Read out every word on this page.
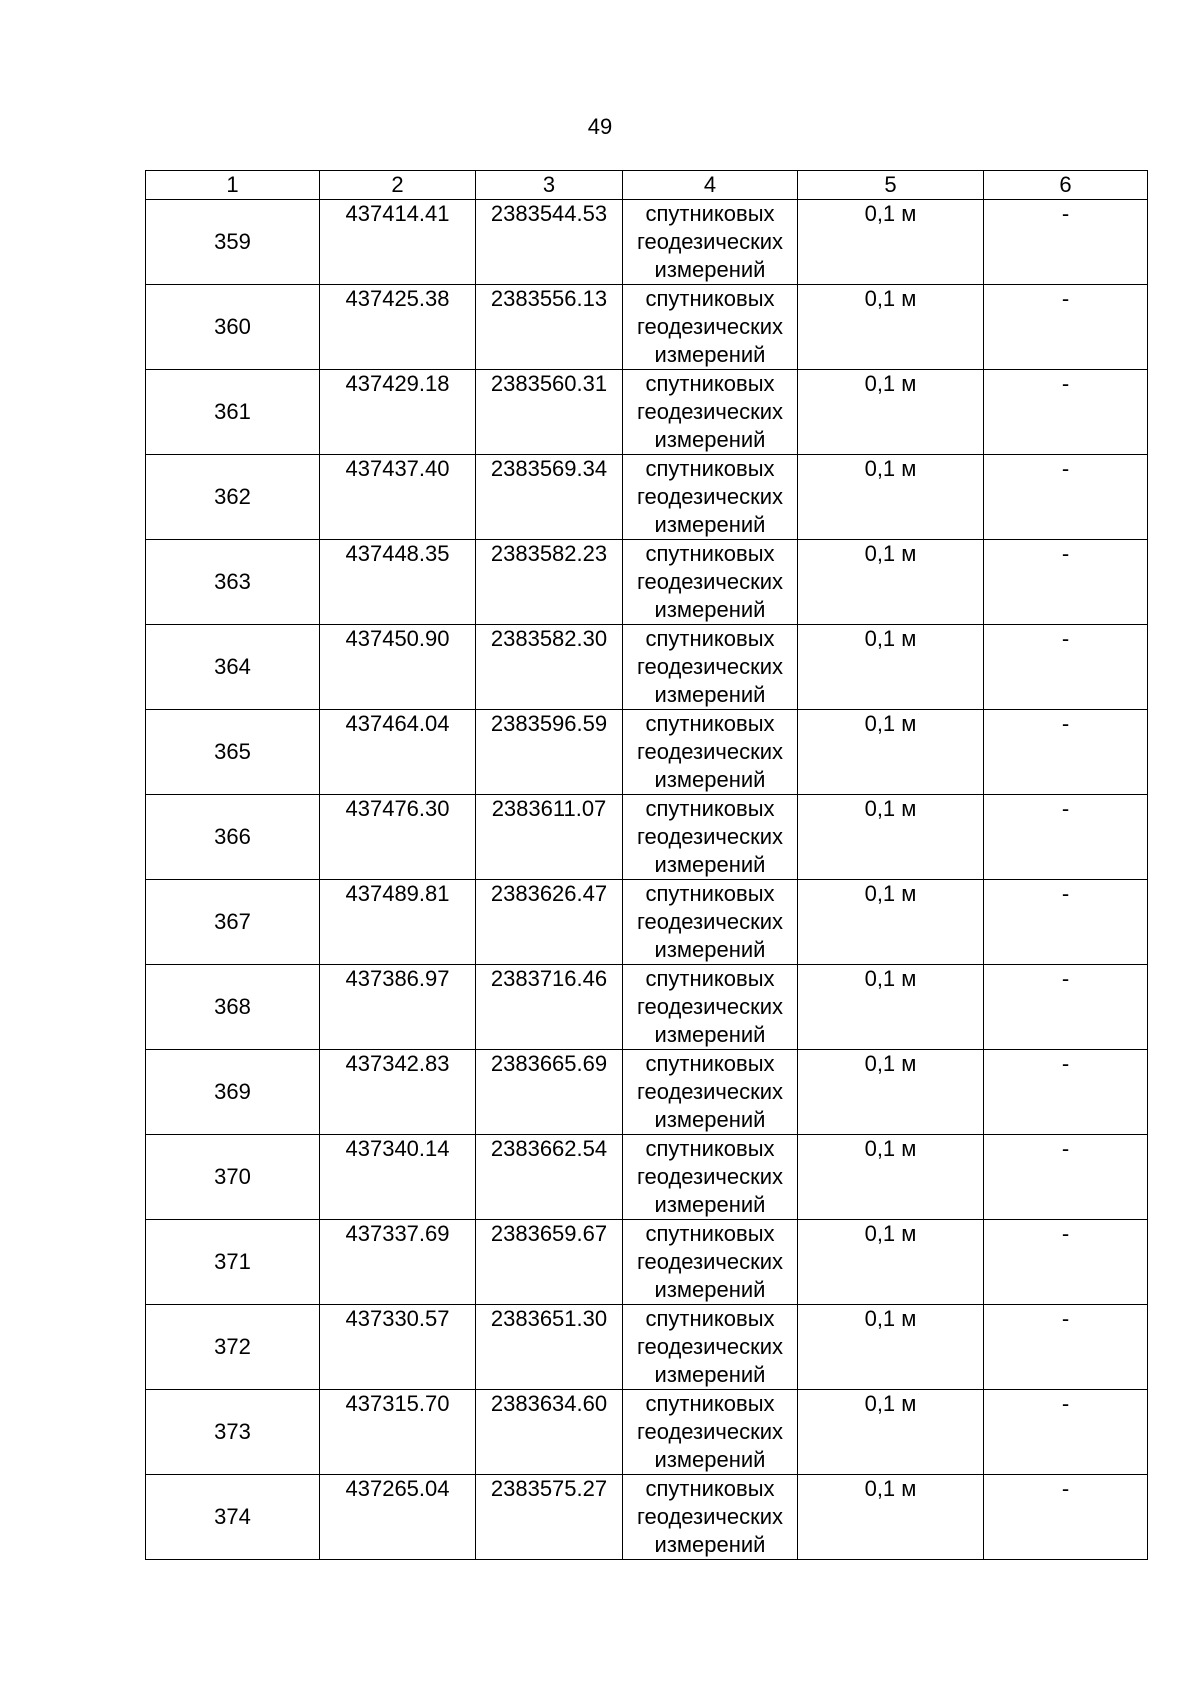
49
1	2	3	4	5	6
359	437414.41	2383544.53	спутниковых
геодезических
измерений	0,1 м	-
360	437425.38	2383556.13	спутниковых
геодезических
измерений	0,1 м	-
361	437429.18	2383560.31	спутниковых
геодезических
измерений	0,1 м	-
362	437437.40	2383569.34	спутниковых
геодезических
измерений	0,1 м	-
363	437448.35	2383582.23	спутниковых
геодезических
измерений	0,1 м	-
364	437450.90	2383582.30	спутниковых
геодезических
измерений	0,1 м	-
365	437464.04	2383596.59	спутниковых
геодезических
измерений	0,1 м	-
366	437476.30	2383611.07	спутниковых
геодезических
измерений	0,1 м	-
367	437489.81	2383626.47	спутниковых
геодезических
измерений	0,1 м	-
368	437386.97	2383716.46	спутниковых
геодезических
измерений	0,1 м	-
369	437342.83	2383665.69	спутниковых
геодезических
измерений	0,1 м	-
370	437340.14	2383662.54	спутниковых
геодезических
измерений	0,1 м	-
371	437337.69	2383659.67	спутниковых
геодезических
измерений	0,1 м	-
372	437330.57	2383651.30	спутниковых
геодезических
измерений	0,1 м	-
373	437315.70	2383634.60	спутниковых
геодезических
измерений	0,1 м	-
374	437265.04	2383575.27	спутниковых
геодезических
измерений	0,1 м	-
